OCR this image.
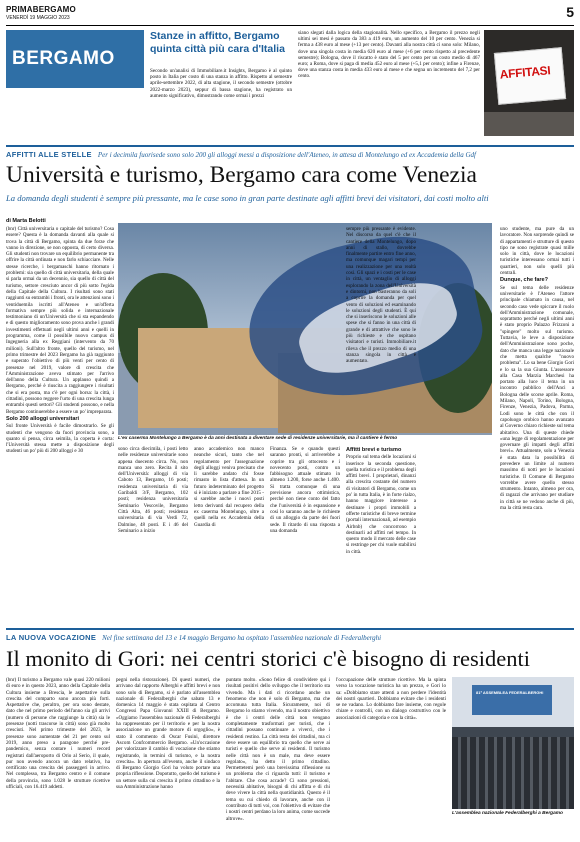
PRIMABERGAMO
VENERDÌ 19 MAGGIO 2023	5
BERGAMO
Stanze in affitto, Bergamo quinta città più cara d'Italia
Secondo un'analisi di Immobiliare.it Insights, Bergamo è al quinto posto in Italia per costo di una stanza in affitto. Rispetto al semestre aprile-settembre 2022, di alta stagione, il secondo semestre (ottobre 2022-marzo 2023), seppur di bassa stagione, ha registrato un aumento significativo, dimostrando come ormai i prezzi
siano slegati dalla logica della stagionalità. Nello specifico, a Bergamo il prezzo negli ultimi sei mesi è passato da 383 a 419 euro, un aumento del 10 per cento. Venezia si ferma a 438 euro al mese (+13 per cento). Davanti alla nostra città ci sono solo: Milano, dove una singola costa in media 620 euro al mese (+6 per cento rispetto al precedente semestre); Bologna, dove il riscatto è stato del 5 per cento per un costo medio di 467 euro; a Roma, dove si paga di media 452 euro al mese (+5,1 per cento); infine a Firenze, dove una stanza costa in media 433 euro al mese e che segna un incremento del 7,2 per cento.	AFFITASI
AFFITTI ALLE STELLE Per i decimila fuorisede sono solo 200 gli alloggi messi a disposizione dell'Ateneo, in attesa di Montelungo ed ex Accademia della Gdf
Università e turismo, Bergamo cara come Venezia
La domanda degli studenti è sempre più pressante, ma le case sono in gran parte destinate agli affitti brevi dei visitatori, dai costi molto alti
di Marta Belotti

(bnr) Città universitaria o capitale del turismo? Cosa essere? Questa è la domanda davanti alla quale si trova la città di Bergamo, spinta da due forze che vanno in direzione, se non opposta, di certo diversa. Gli studenti non trovare un equilibrio permanente tra offrire la città ordinata e non farlo schiacciare. Nelle stesse ricerche, i bergamaschi hanno ritornato i problemi: sia quello di città universitaria, della quale si parla ormai da un decennio, sia quello di città del turismo, settore cresciuto ancor di più sotto l'egida della Capitale della Cultura. I risultati sono stati raggiunti su entrambi i fronti, ora le attenzioni sono i ventiduemila iscritti all'Ateneo e un'offerta formativa sempre più solida e internazionale testimoniano di un'Università che si sta espandendo e di questo miglioramento sono prova anche i grandi investimenti effettuati negli ultimi anni e quelli in programma, come il possibile nuovo campus di Ingegneria alla ex Reggiani (intervento da 70 milioni). Sull'altro fronte, quello del turismo, nel primo trimestre del 2023 Bergamo ha già raggiunto e superato l'obiettivo di più venti per cento di presenze nel 2019, valore di crescita che l'Amministrazione aveva stimato per l'arrivo dell'anno della Cultura. Un applauso quindi a Bergamo, perché è riuscita a raggiungere i risultati che si era posta, ma c'è per ogni borsa: la città, i cittadini, possono reggere l'urto di una crescita lunga entrambi questi settori? Gli studenti possono, e nella Bergamo continuerebbe a essere un po' impreparata.

Solo 200 alloggi universitari

Sul fronte Università è facile dimostrarlo. Se gli studenti che vengono da fuori provincia sono, a quanto si pensa, circa seimila, la coperta è corta: l'Università stessa mette a disposizione degli studenti un po' più di 200 alloggi e 30

L'ex caserma Montelungo a Bergamo è da anni destinata a diventare sede di residenze universitarie, ma il cantiere è fermo
sono circa diecimila, i posti letto nelle residenze universitarie sono appena duecento circa. No, non manca uno zero. Recita il sito dell'Università: alloggi di via Caboto 13, Bergamo, 16 posti; residenza universitaria di via Garibaldi 3/F, Bergamo, 102 posti; residenza universitaria Seminario Vescovile, Bergamo Città Alta, 46 posti; residenza universitaria di via Verdi 72, Dalmine, 48 posti. E i 46 del Seminario a inizio
anno accademico non manco neanche sicuri, tanto che nel regolamento per l'assegnazione degli alloggi veniva precisato che li sarebbe andato chi fosse rimasto in lista d'attesa. In un futuro indeterminato del progetto si è iniziato a parlare a fine 2015 - si sarebbe anche i nuovi posti letto derivanti dal recupero della ex caserma Montelungo, oltre a quelli nella ex Accademia della Guardia di
Finanza. Se e quando questi saranno pronti, si arriverebbe a coprire tra gli ottocento e i novecento posti, contro un fabbisogno attuale stimato in almeno 1.200, forse anche 1.400. Si tratta comunque di una previsione ancora ottimistica, perché non tiene conto del fatto che l'università è in espansione e così lo saranno anche le richieste di un alloggio da parte dei fuori sede. Il ritardo di una risposta a una domanda

sempre più pressante è evidente. Nel discorso da quel c'è che il cantiere della Montelungo, dopo anni di stallo, dovrebbe finalmente partire entro fine anno, ma comunque magari tempi per una realizzazione per una realtà così. Gli spazi e i costi per le case in città, un ventaglio di alloggi esplorando la zona dell'Università e dintorni, non basteranno da soli a coprire la domanda per quel vento di soluzioni ed esaminando le soluzioni degli studenti. È qui che si inseriscono le soluzioni alle spese che si fanno in una città di grande e di attrattive che sono le più richieste e che ospitano visitatori e turisti. Immobiliare.it rileva che il prezzo medio di una stanza singola in città è aumentato.

Affitti brevi e turismo

Proprio sul tema delle locazioni si inserisce la seconda questione, quella turistica e il problema degli affitti brevi. I proprietari, dinanzi alla crescita costante del numero di visitatori di Bergamo, come un po' in tutta Italia, è in forte rialzo, hanno maggiore interesse a destinare i propri immobili a offerte turistiche di breve termine (portali internazionali, ad esempio Airbnb) che concorrono a destinarli ad affitti nel tempo. In questo modo il mercato delle case si restringe per chi vuole stabilirsi in città.

uno studente, ma pure da un lavoratore. Non sorprende quindi se di appartamenti e strutture di questo tipo ne sono registrate quasi mille solo in città, dove le locazioni turistiche interessano ormai tutti i quartieri, non solo quelli più centrali.

Dunque, che fare?

Se sul tema delle residenze universitarie è l'Ateneo l'attore principale chiamato in causa, nel secondo caso vede spiccare il ruolo dell'Amministrazione comunale, soprattutto perché negli ultimi anni è stato proprio Palazzo Frizzoni a "spingere" molto sul turismo. Tuttavia, le leve a disposizione dell'Amministrazione sono poche, dato che manca una legge nazionale che metta qualche "nuovo problema". Lo sa bene Giorgio Gori e lo sa la sua Giunta. L'assessore alla Casa Marzia Marchesi ha portato alla luce il tema in un incontro pubblico dell'Anci a Bologna delle scorse aprile. Roma, Milano, Napoli, Torino, Bologna, Firenze, Venezia, Padova, Parma, Lodi sono le città che con il capoluogo orobico hanno avanzato al Governo chiaro richieste sul tema abitativo. Una di queste chiede «una legge di regolamentazione per governare gli impatti degli affitti brevi». Attualmente, solo a Venezia è stata data la possibilità di prevedere un limite al numero massimo di notti per le locazioni turistiche. Il Comune di Bergamo vorrebbe avere quello stesso strumento. Intanto, almeno per ora, di ragazzi che arrivano per studiare in città se ne vedono anche di più, ma la città resta cara.

LA NUOVA VOCAZIONE Nel fine settimana del 13 e 14 maggio Bergamo ha ospitato l'assemblea nazionale di Federalberghi
Il monito di Gori: nei centri storici c'è bisogno di residenti
(bnr) Il turismo a Bergamo vale quasi 220 milioni di euro e in questo 2023, anno della Capitale della Cultura insieme a Brescia, le aspettative sulla crescita del comparto sono ancora più forti. Aspettative che, peraltro, per ora sono destate, dato che nel primo periodo dell'anno sia gli arrivi (numero di persone che raggiunge la città) sia le presenze (notti trascorse in città) sono già molto cresciuti. Nel primo trimestre del 2023, le presenze sono aumentate del 21 per cento sul 2019, anno preso a paragone perché pre-pandemico, senza contare i numeri record registrati dall'aeroporto di Orio al Serio, il quale, pur non avendo ancora un dato relativo, ha certificato una crescita dei passeggeri in arrivo. Nel complesso, tra Bergamo centro e il comune della provincia, sono 1.028 le strutture ricettive ufficiali, con 16.419 addetti.
pegni nella ristorazione). Di questi numeri, che arrivano dal rapporto Alberghi e affitti brevi e non sono solo di Bergamo, si è parlato all'assemblea nazionale di Federalberghi che sabato 13 e domenica 14 maggio è stata ospitata al Centro Congressi Papa Giovanni XXIII di Bergamo. «Oggiamo l'assemblea nazionale di Federalberghi ha rappresentato per il territorio e per la nostra associazione un grande motore di orgoglio», è stato il commento di Oscar Fusini, direttore Ascom Confcommercio Bergamo. «Un'occasione per valorizzare il cambio di vocazione che stiamo registrando, in termini di turismo, e la nostra crescita». In apertura all'evento, anche il sindaco di Bergamo Giorgio Gori ha voluto portare una propria riflessione. Dopotutto, quello del turismo è un settore sulla cui crescita il primo cittadino e la sua Amministrazione hanno
puntato molto. «Sono felice di condividere qui i risultati positivi dello sviluppo che il territorio sta vivendo. Ma i dati ci ricordano anche un fenomeno che non è solo di Bergamo, ma che accomuna tutta Italia. Sicuramente, noi di Bergamo lo stiamo vivendo, ma il nostro obiettivo è che i centri delle città non vengano completamente trasformati per turisti, che i cittadini possano continuare a viverci, che i residenti restino. La città resta dei cittadini, ma ci deve essere un equilibrio tra quello che serve ai turisti e quello che serve ai residenti. Il turismo nelle città non è un male, ma deve essere regolato», ha detto il primo cittadino. Permettetemi però una brevissima riflessione su un problema che ci riguarda tutti: il turismo e l'abitare. Che cosa accade? Ci sono pressioni, necessità abitative, bisogni di chi affitta e di chi deve vivere la città nella quotidianità. Questo è il tema su cui chiedo di lavorare, anche con il contributo di tutti voi, con l'obiettivo di evitare che i nostri centri perdano la loro anima, come succede altrove».
l'occupazione delle strutture ricettive. Ma la spinta verso la vocazione turistica ha un prezzo, e Gori lo sa: «Dobbiamo stare attenti a non perdere l'identità dei nostri quartieri. Dobbiamo evitare che i residenti se ne vadano. Lo dobbiamo fare insieme, con regole chiare e controlli, con un dialogo costruttivo con le associazioni di categoria e con la città».
81ª ASSEMBLEA FEDERALBERGHI
L'assemblea nazionale Federalberghi a Bergamo
